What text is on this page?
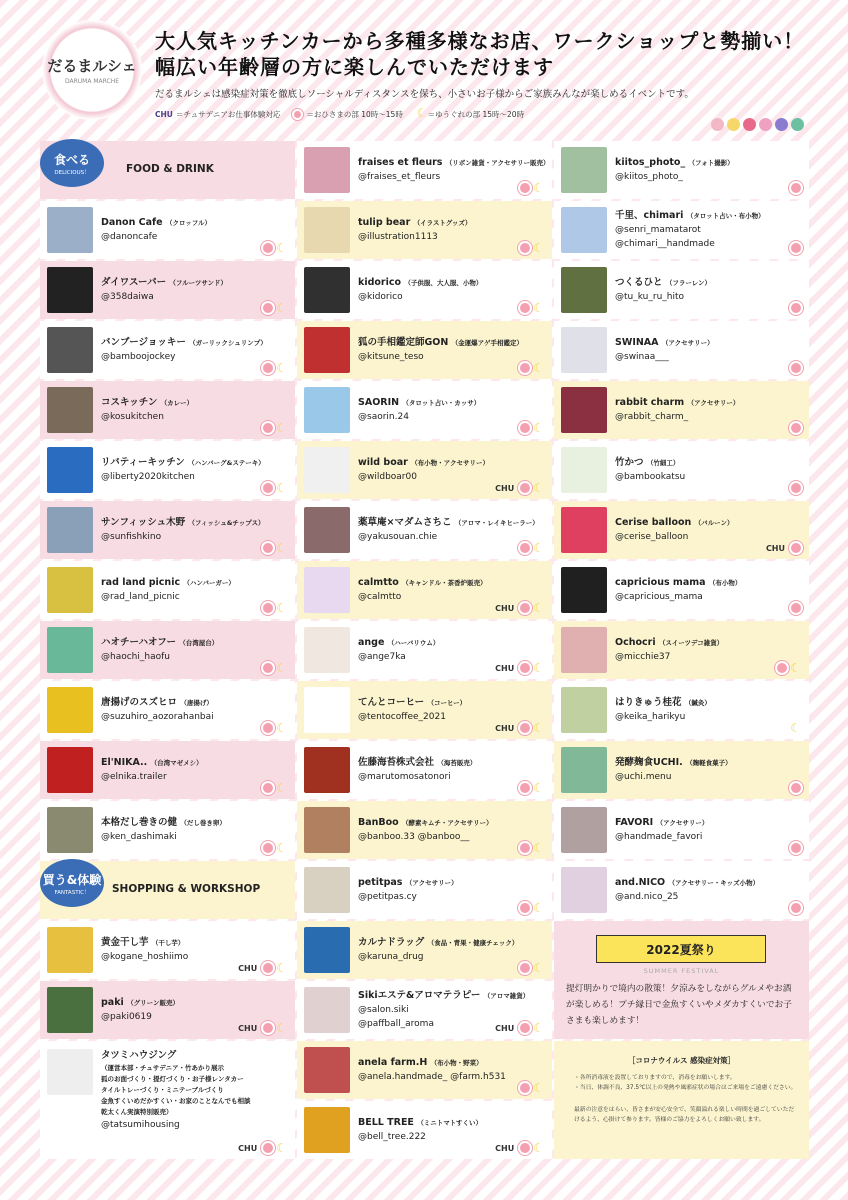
だるまルシェ
DARUMA MARCHE
大人気キッチンカーから多種多様なお店、ワークショップと勢揃い！
幅広い年齢層の方に楽しんでいただけます
だるまルシェは感染症対策を徹底しソーシャルディスタンスを保ち、小さいお子様からご家族みんなが楽しめるイベントです。
CHU ＝チュサデニアお仕事体験対応	＝おひさまの部 10時〜15時 ☾＝ゆうぐれの部 15時〜20時
食べる
DELICIOUS！	FOOD & DRINK
Danon Cafe （クロッフル）
@danoncafe
☾
ダイワスーパー （フルーツサンド）
@358daiwa
☾
バンブージョッキー （ガーリックシュリンプ）
@bamboojockey
☾
コスキッチン （カレー）
@kosukitchen
☾
リバティーキッチン （ハンバーグ&ステーキ）
@liberty2020kitchen
☾
サンフィッシュ木野 （フィッシュ&チップス）
@sunfishkino
☾
rad land picnic （ハンバーガー）
@rad_land_picnic
☾
ハオチーハオフー （台湾屋台）
@haochi_haofu
☾
唐揚げのスズヒロ （唐揚げ）
@suzuhiro_aozorahanbai
☾
El'NIKA.. （台湾マゼメシ）
@elnika.trailer
☾
本格だし巻きの健 （だし巻き卵）
@ken_dashimaki
☾
買う&体験
FANTASTIC！ SHOPPING & WORKSHOP
黄金干し芋 （干し芋）
@kogane_hoshiimo
CHU ☾
paki （グリーン販売）
@paki0619
CHU ☾
タツミハウジング
（運営本部・チュサデニア・竹あかり展示
狐のお面づくり・提灯づくり・お子様レンタカー
タイルトレーづくり・ミニテーブルづくり
金魚すくいめだかすくい・お家のことなんでも相談
乾太くん実演特別販売）
@tatsumihousing
CHU ☾
fraises et fleurs （リボン雑貨・アクセサリー販売）
@fraises_et_fleurs
☾
tulip bear （イラストグッズ）
@illustration1113
☾
kidorico （子供服、大人服、小物）
@kidorico
☾
狐の手相鑑定師GON （金運爆アゲ手相鑑定）
@kitsune_teso
☾
SAORIN （タロット占い・カッサ）
@saorin.24
☾
wild boar （布小物・アクセサリー）
@wildboar00
CHU ☾
薬草庵×マダムさちこ （アロマ・レイキヒーラー）
@yakusouan.chie
☾
calmtto （キャンドル・茶香炉販売）
@calmtto
CHU ☾
ange （ハーバリウム）
@ange7ka
CHU ☾
てんとコーヒー （コーヒー）
@tentocoffee_2021
CHU ☾
佐藤海苔株式会社 （海苔販売）
@marutomosatonori
☾
BanBoo （酵素キムチ・アクセサリー）
@banboo.33 @banboo__
☾
petitpas （アクセサリー）
@petitpas.cy
☾
カルナドラッグ （食品・青果・健康チェック）
@karuna_drug
☾
Sikiエステ&アロマテラピー （アロマ雑貨）
@salon.siki
@paffball_aroma	CHU ☾
anela farm.H （布小物・野菜）
@anela.handmade_ @farm.h531
☾
BELL TREE （ミニトマトすくい）
@bell_tree.222
CHU ☾
kiitos_photo_ （フォト撮影）
@kiitos_photo_
千里、chimari （タロット占い・布小物）
@senri_mamatarot
@chimari__handmade
つくるひと （フラーレン）
@tu_ku_ru_hito
SWINAA （アクセサリー）
@swinaa___
rabbit charm （アクセサリー）
@rabbit_charm_
竹かつ （竹細工）
@bambookatsu
Cerise balloon （バルーン）
@cerise_balloon
CHU
capricious mama （布小物）
@capricious_mama
Ochocri （スイーツデコ雑貨）
@micchie37
☾
はりきゅう桂花 （鍼灸）
@keika_harikyu
☾
発酵麹食UCHI. （麹軽食菓子）
@uchi.menu
FAVORI （アクセサリー）
@handmade_favori
and.NICO （アクセサリー・キッズ小物）
@and.nico_25
2022夏祭り
SUMMER FESTIVAL
提灯明かりで境内の散策！夕涼みをしながらグルメやお酒が楽しめる！プチ縁日で金魚すくいやメダカすくいでお子さまも楽しめます！
［コロナウイルス 感染症対策］
・各所消毒液を設置しておりますので、消毒をお願いします。
・当日、体調不良、37.5℃以上の発熱や風邪症状の場合はご来場をご遠慮ください。
最新の注意をはらい、皆さまが安心安全で、笑顔溢れる楽しい時間を過ごしていただけるよう、心掛けて参ります。皆様のご協力をよろしくお願い致します。
